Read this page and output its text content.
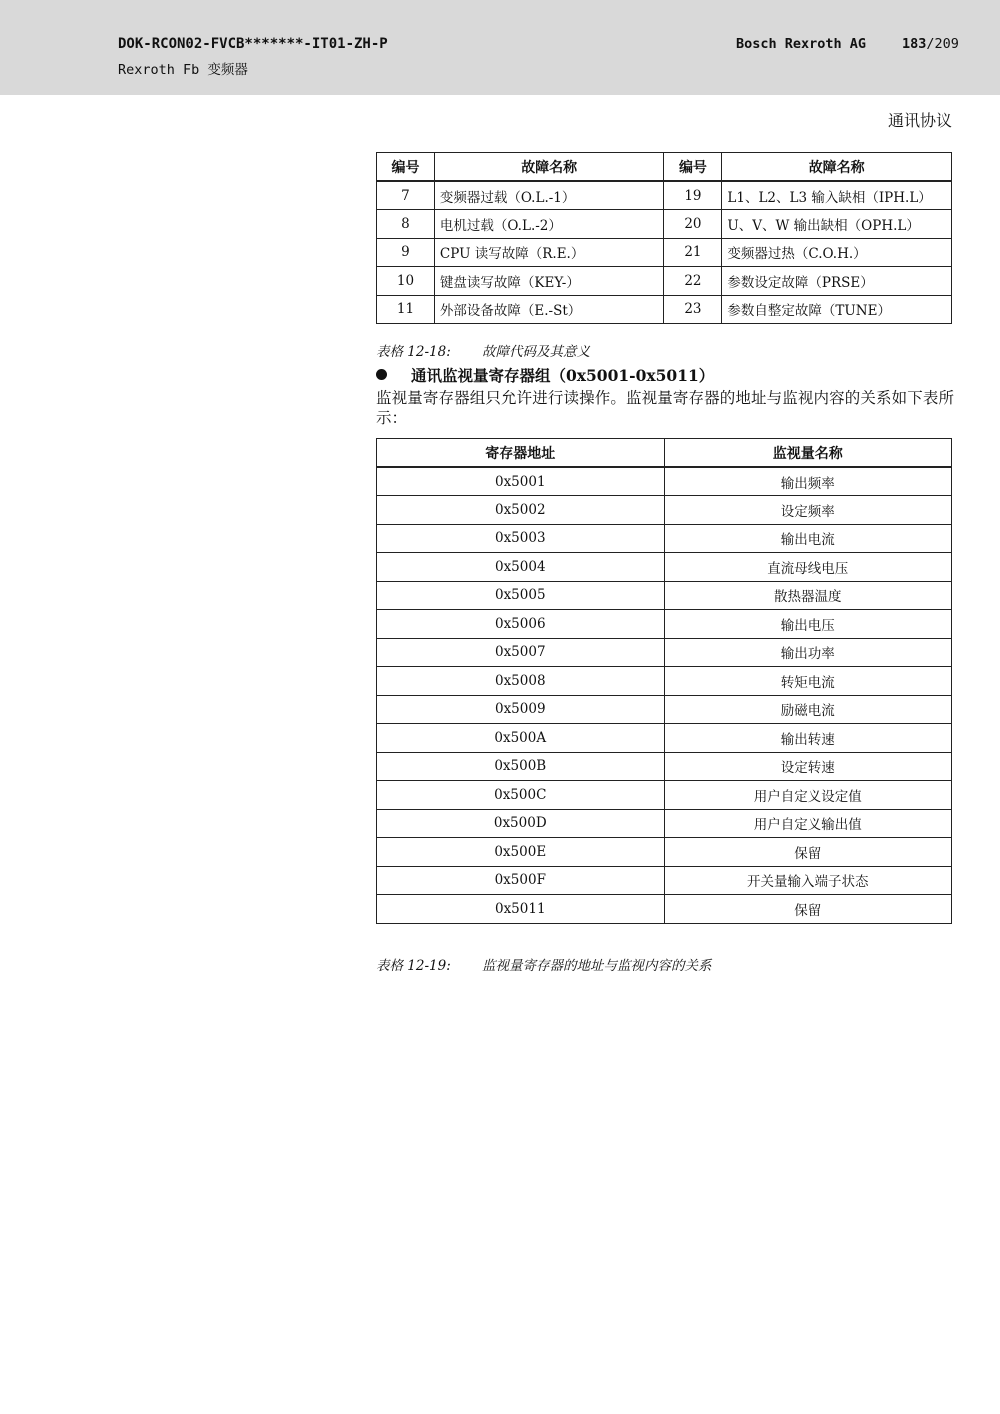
DOK-RCON02-FVCB*******-IT01-ZH-P
Rexroth Fb 变频器
Bosch Rexroth AG	183/209
通讯协议
编号	故障名称	编号	故障名称
7	变频器过载（O.L.-1）	19	L1、L2、L3 输入缺相（IPH.L）
8	电机过载（O.L.-2）	20	U、V、W 输出缺相（OPH.L）
9	CPU 读写故障（R.E.）	21	变频器过热（C.O.H.）
10	键盘读写故障（KEY-）	22	参数设定故障（PRSE）
11	外部设备故障（E.-St）	23	参数自整定故障（TUNE）
表格 12-18: 故障代码及其意义
通讯监视量寄存器组（0x5001-0x5011）
监视量寄存器组只允许进行读操作。监视量寄存器的地址与监视内容的关系如下表所示：
寄存器地址	监视量名称
0x5001	输出频率
0x5002	设定频率
0x5003	输出电流
0x5004	直流母线电压
0x5005	散热器温度
0x5006	输出电压
0x5007	输出功率
0x5008	转矩电流
0x5009	励磁电流
0x500A	输出转速
0x500B	设定转速
0x500C	用户自定义设定值
0x500D	用户自定义输出值
0x500E	保留
0x500F	开关量输入端子状态
0x5011	保留
表格 12-19: 监视量寄存器的地址与监视内容的关系
